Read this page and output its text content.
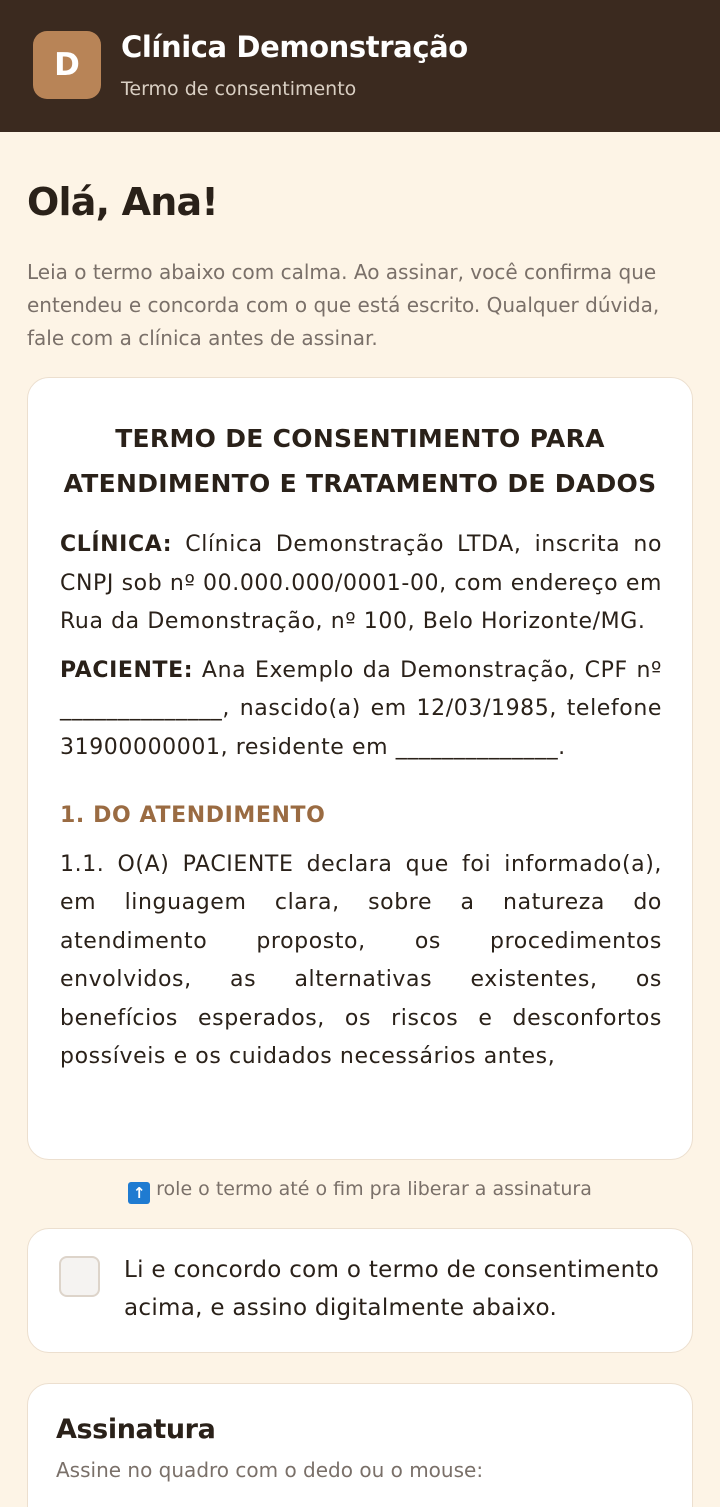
D	Clínica Demonstração
Termo de consentimento
Olá, Ana!

Leia o termo abaixo com calma. Ao assinar, você confirma que entendeu e concorda com o que está escrito. Qualquer dúvida, fale com a clínica antes de assinar.

TERMO DE CONSENTIMENTO PARA
ATENDIMENTO E TRATAMENTO DE DADOS

CLÍNICA: Clínica Demonstração LTDA, inscrita no CNPJ sob nº 00.000.000/0001-00, com endereço em Rua da Demonstração, nº 100, Belo Horizonte/MG.

PACIENTE: Ana Exemplo da Demonstração, CPF nº ______________, nascido(a) em 12/03/1985, telefone 31900000001, residente em ______________.

1. DO ATENDIMENTO

1.1. O(A) PACIENTE declara que foi informado(a), em linguagem clara, sobre a natureza do atendimento proposto, os procedimentos envolvidos, as alternativas existentes, os benefícios esperados, os riscos e desconfortos possíveis e os cuidados necessários antes,

↑ role o termo até o fim pra liberar a assinatura
Li e concordo com o termo de consentimento acima, e assino digitalmente abaixo.
Assinatura
Assine no quadro com o dedo ou o mouse:
